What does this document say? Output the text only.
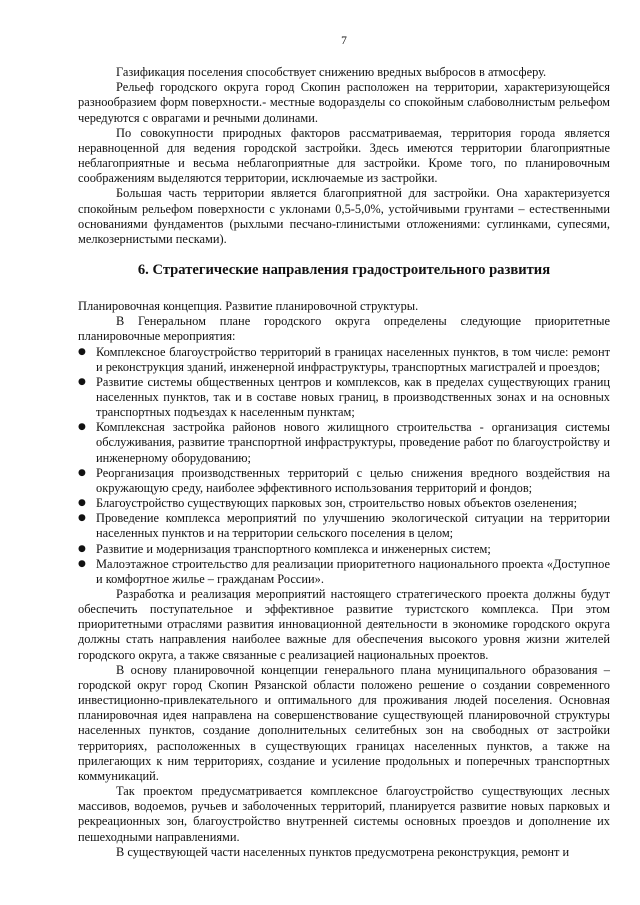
7

Газификация поселения способствует снижению вредных выбросов в атмосферу.

Рельеф городского округа город Скопин расположен на территории, характеризующейся разнообразием форм поверхности.- местные водоразделы со спокойным слабоволнистым рельефом чередуются с оврагами и речными долинами.

По совокупности природных факторов рассматриваемая, территория города является неравноценной для ведения городской застройки. Здесь имеются территории благоприятные неблагоприятные и весьма неблагоприятные для застройки. Кроме того, по планировочным соображениям выделяются территории, исключаемые из застройки.

Большая часть территории является благоприятной для застройки. Она характеризуется спокойным рельефом поверхности с уклонами 0,5-5,0%, устойчивыми грунтами – естественными основаниями фундаментов (рыхлыми песчано-глинистыми отложениями: суглинками, супесями, мелкозернистыми песками).

6. Стратегические направления градостроительного развития

Планировочная концепция. Развитие планировочной структуры.

В Генеральном плане городского округа определены следующие приоритетные планировочные мероприятия:

● Комплексное благоустройство территорий в границах населенных пунктов, в том числе: ремонт и реконструкция зданий, инженерной инфраструктуры, транспортных магистралей и проездов;
● Развитие системы общественных центров и комплексов, как в пределах существующих границ населенных пунктов, так и в составе новых границ, в производственных зонах и на основных транспортных подъездах к населенным пунктам;
● Комплексная застройка районов нового жилищного строительства - организация системы обслуживания, развитие транспортной инфраструктуры, проведение работ по благоустройству и инженерному оборудованию;
● Реорганизация производственных территорий с целью снижения вредного воздействия на окружающую среду, наиболее эффективного использования территорий и фондов;
● Благоустройство существующих парковых зон, строительство новых объектов озеленения;
● Проведение комплекса мероприятий по улучшению экологической ситуации на территории населенных пунктов и на территории сельского поселения в целом;
● Развитие и модернизация транспортного комплекса и инженерных систем;
● Малоэтажное строительство для реализации приоритетного национального проекта «Доступное и комфортное жилье – гражданам России».

Разработка и реализация мероприятий настоящего стратегического проекта должны будут обеспечить поступательное и эффективное развитие туристского комплекса. При этом приоритетными отраслями развития инновационной деятельности в экономике городского округа должны стать направления наиболее важные для обеспечения высокого уровня жизни жителей городского округа, а также связанные с реализацией национальных проектов.

В основу планировочной концепции генерального плана муниципального образования – городской округ город Скопин Рязанской области положено решение о создании современного инвестиционно-привлекательного и оптимального для проживания людей поселения. Основная планировочная идея направлена на совершенствование существующей планировочной структуры населенных пунктов, создание дополнительных селитебных зон на свободных от застройки территориях, расположенных в существующих границах населенных пунктов, а также на прилегающих к ним территориях, создание и усиление продольных и поперечных транспортных коммуникаций.

Так проектом предусматривается комплексное благоустройство существующих лесных массивов, водоемов, ручьев и заболоченных территорий, планируется развитие новых парковых и рекреационных зон, благоустройство внутренней системы основных проездов и дополнение их пешеходными направлениями.

В существующей части населенных пунктов предусмотрена реконструкция, ремонт и
